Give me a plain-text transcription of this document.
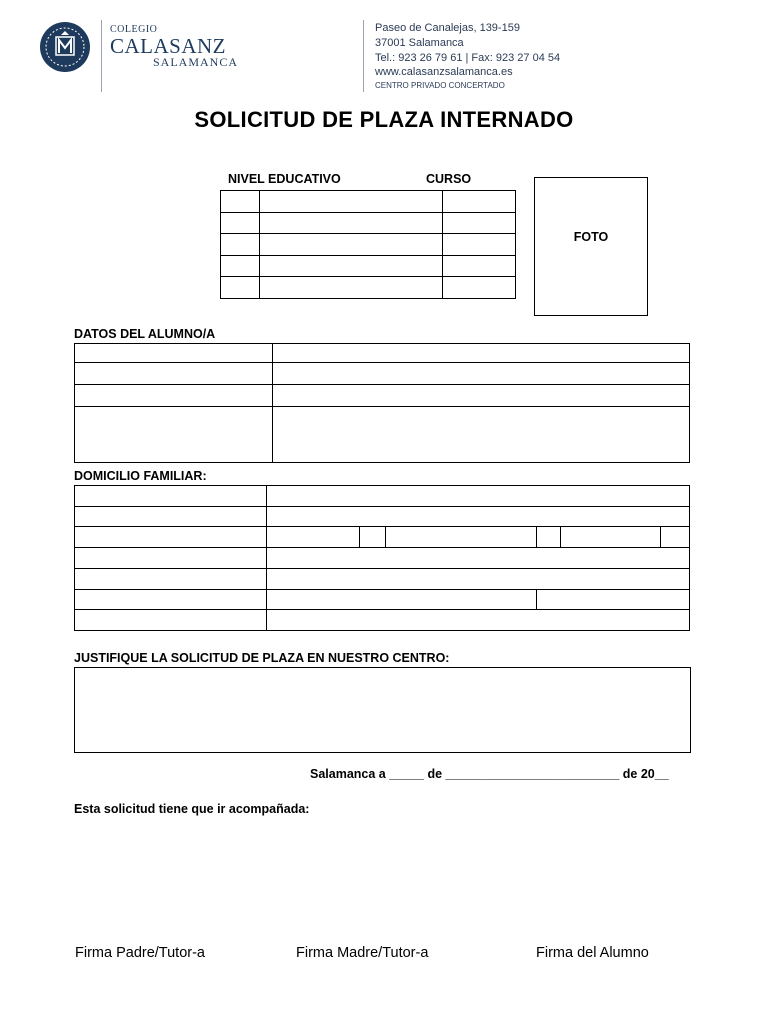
COLEGIO
CALASANZ
SALAMANCA
Paseo de Canalejas, 139-159
37001 Salamanca
Tel.: 923 26 79 61 | Fax: 923 27 04 54
www.calasanzsalamanca.es
CENTRO PRIVADO CONCERTADO
SOLICITUD DE PLAZA INTERNADO
NIVEL EDUCATIVO	CURSO

FOTO
DATOS DEL ALUMNO/A

DOMICILIO FAMILIAR:

JUSTIFIQUE LA SOLICITUD DE PLAZA EN NUESTRO CENTRO:
Salamanca a _____ de _________________________ de 20__
Esta solicitud tiene que ir acompañada:
Firma Padre/Tutor-a	Firma Madre/Tutor-a	Firma del Alumno
